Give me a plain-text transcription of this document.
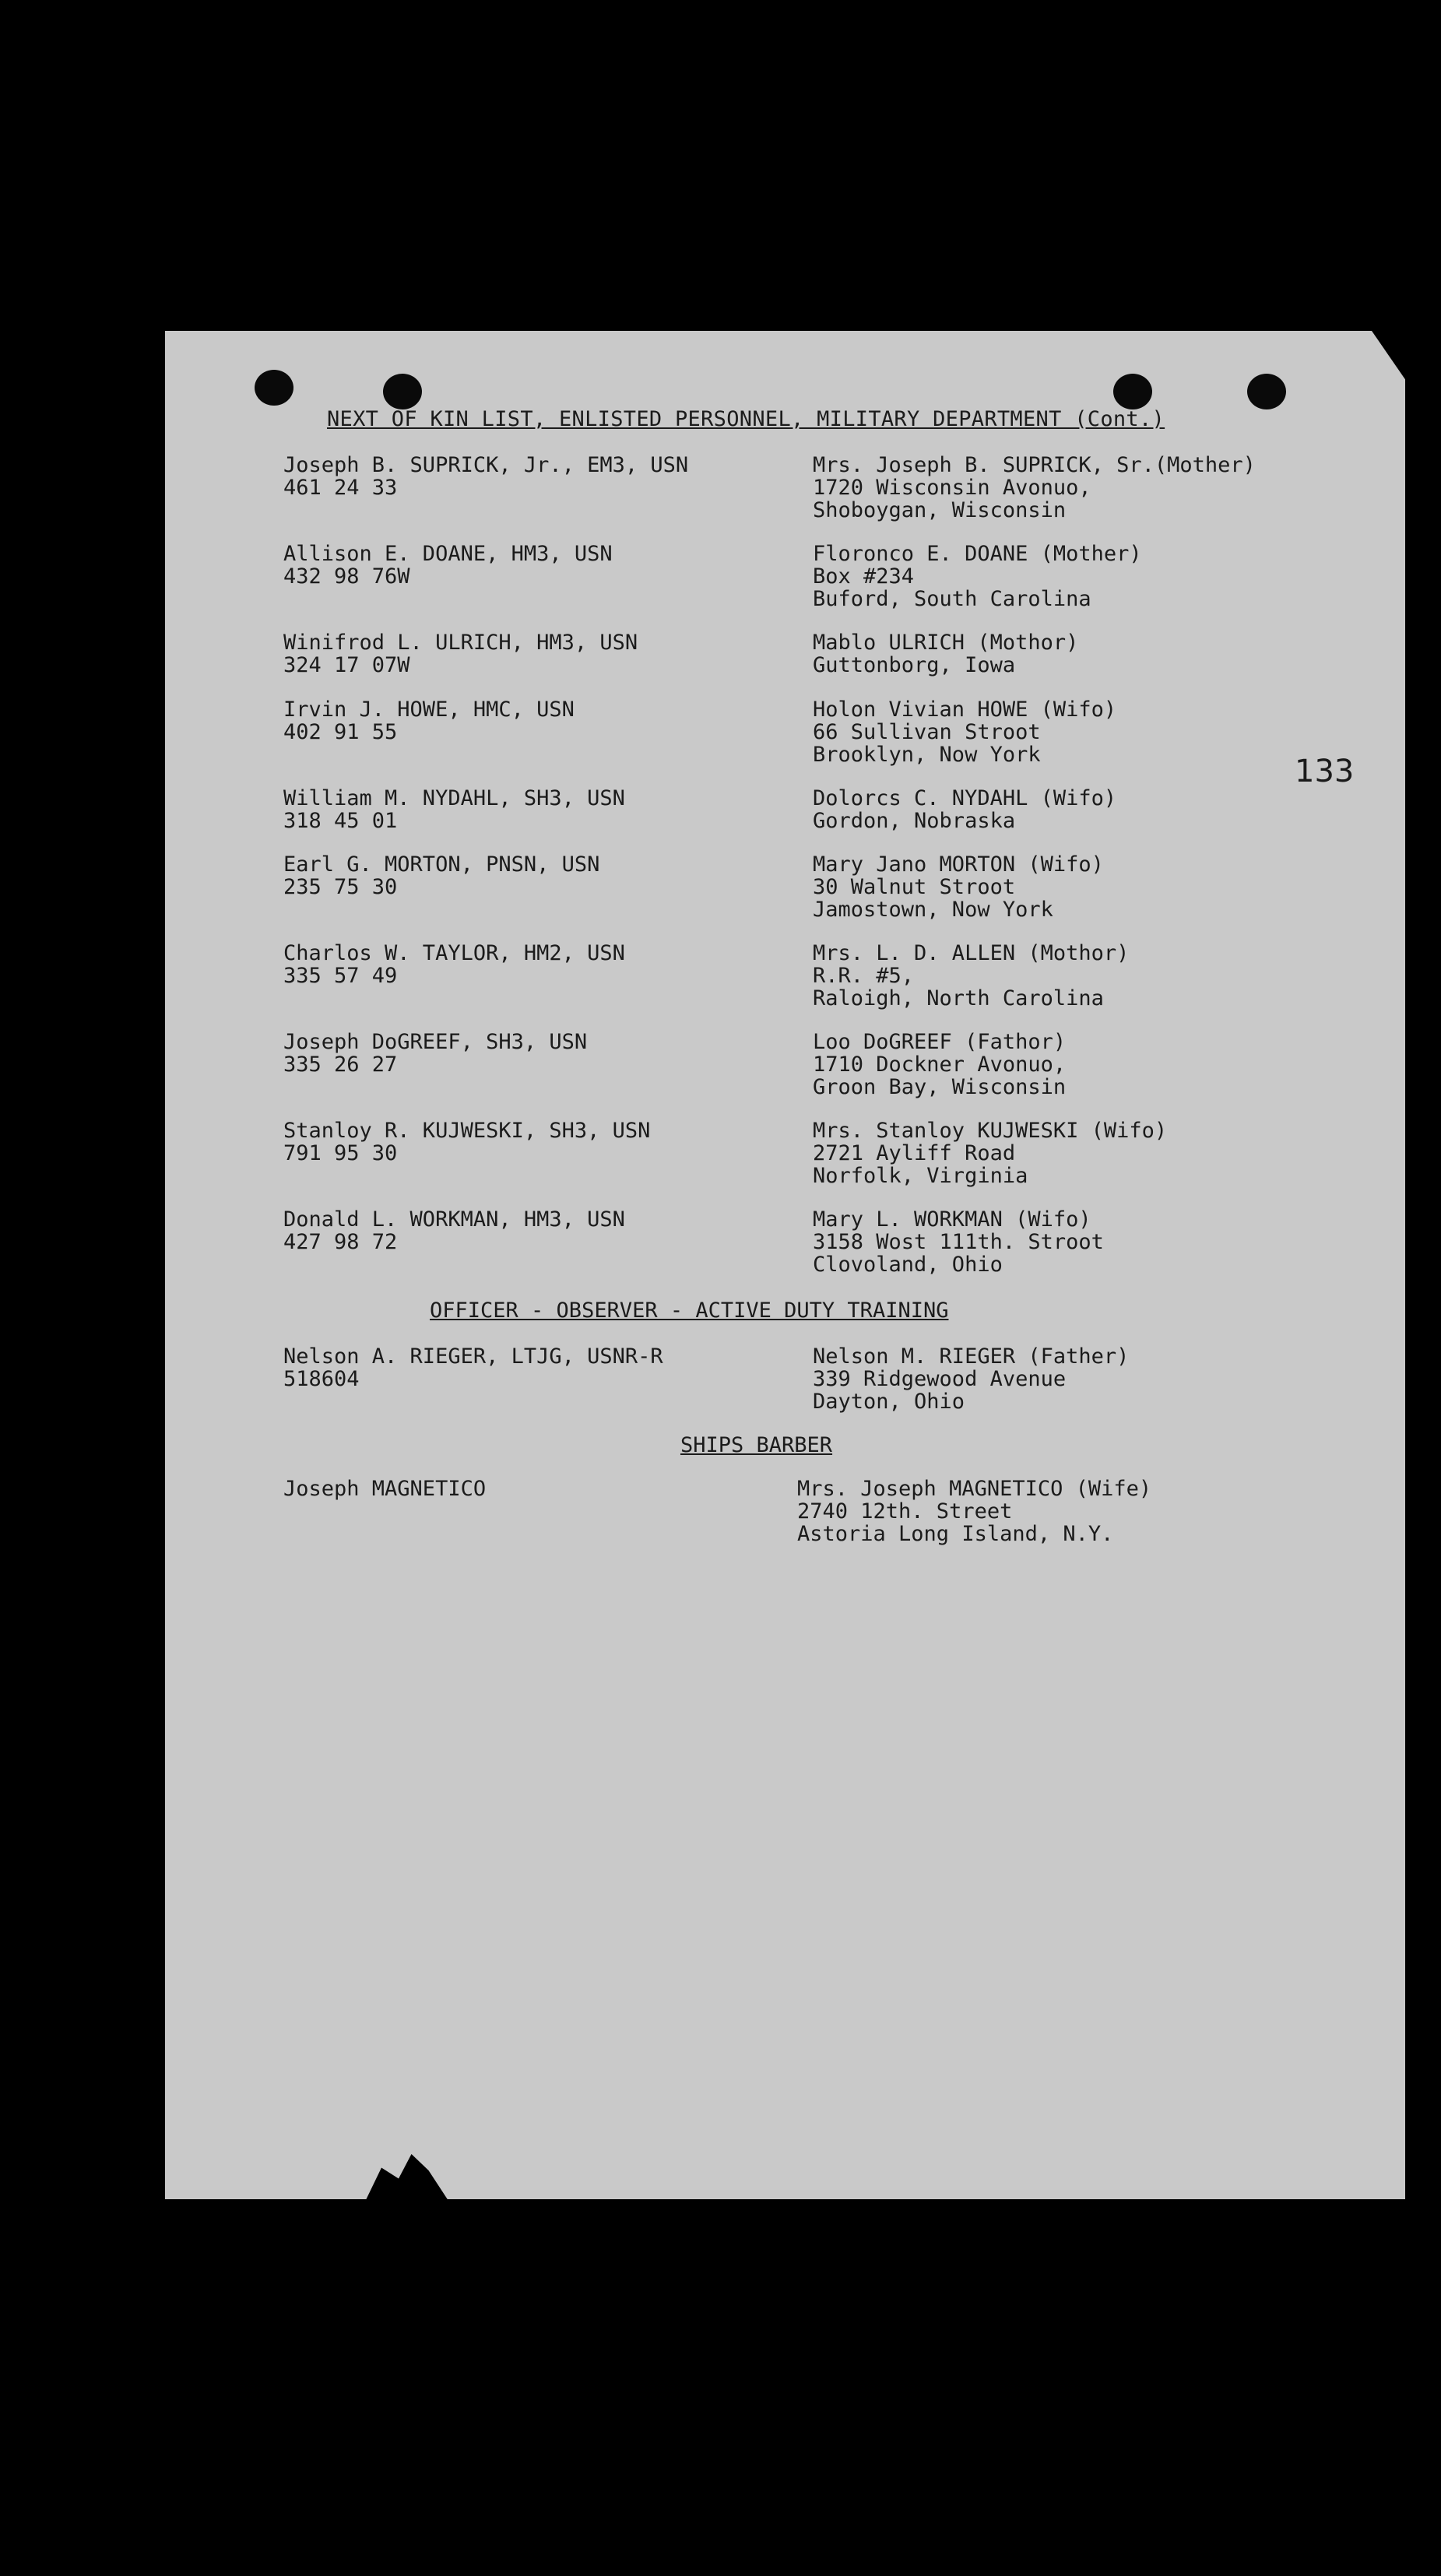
NEXT OF KIN LIST, ENLISTED PERSONNEL, MILITARY DEPARTMENT (Cont.)
133
Joseph B. SUPRICK, Jr., EM3, USN
461 24 33
Mrs. Joseph B. SUPRICK, Sr.(Mother)
1720 Wisconsin Avonuo,
Shoboygan, Wisconsin
Allison E. DOANE, HM3, USN
432 98 76W
Floronco E. DOANE (Mother)
Box #234
Buford, South Carolina
Winifrod L. ULRICH, HM3, USN
324 17 07W
Mablo ULRICH (Mothor)
Guttonborg, Iowa
Irvin J. HOWE, HMC, USN
402 91 55
Holon Vivian HOWE (Wifo)
66 Sullivan Stroot
Brooklyn, Now York
William M. NYDAHL, SH3, USN
318 45 01
Dolorcs C. NYDAHL (Wifo)
Gordon, Nobraska
Earl G. MORTON, PNSN, USN
235 75 30
Mary Jano MORTON (Wifo)
30 Walnut Stroot
Jamostown, Now York
Charlos W. TAYLOR, HM2, USN
335 57 49
Mrs. L. D. ALLEN (Mothor)
R.R. #5,
Raloigh, North Carolina
Joseph DoGREEF, SH3, USN
335 26 27
Loo DoGREEF (Fathor)
1710 Dockner Avonuo,
Groon Bay, Wisconsin
Stanloy R. KUJWESKI, SH3, USN
791 95 30
Mrs. Stanloy KUJWESKI (Wifo)
2721 Ayliff Road
Norfolk, Virginia
Donald L. WORKMAN, HM3, USN
427 98 72
Mary L. WORKMAN (Wifo)
3158 Wost 111th. Stroot
Clovoland, Ohio
OFFICER - OBSERVER - ACTIVE DUTY TRAINING
Nelson A. RIEGER, LTJG, USNR-R
518604
Nelson M. RIEGER (Father)
339 Ridgewood Avenue
Dayton, Ohio
SHIPS BARBER
Joseph MAGNETICO	Mrs. Joseph MAGNETICO (Wife)
2740 12th. Street
Astoria Long Island, N.Y.
